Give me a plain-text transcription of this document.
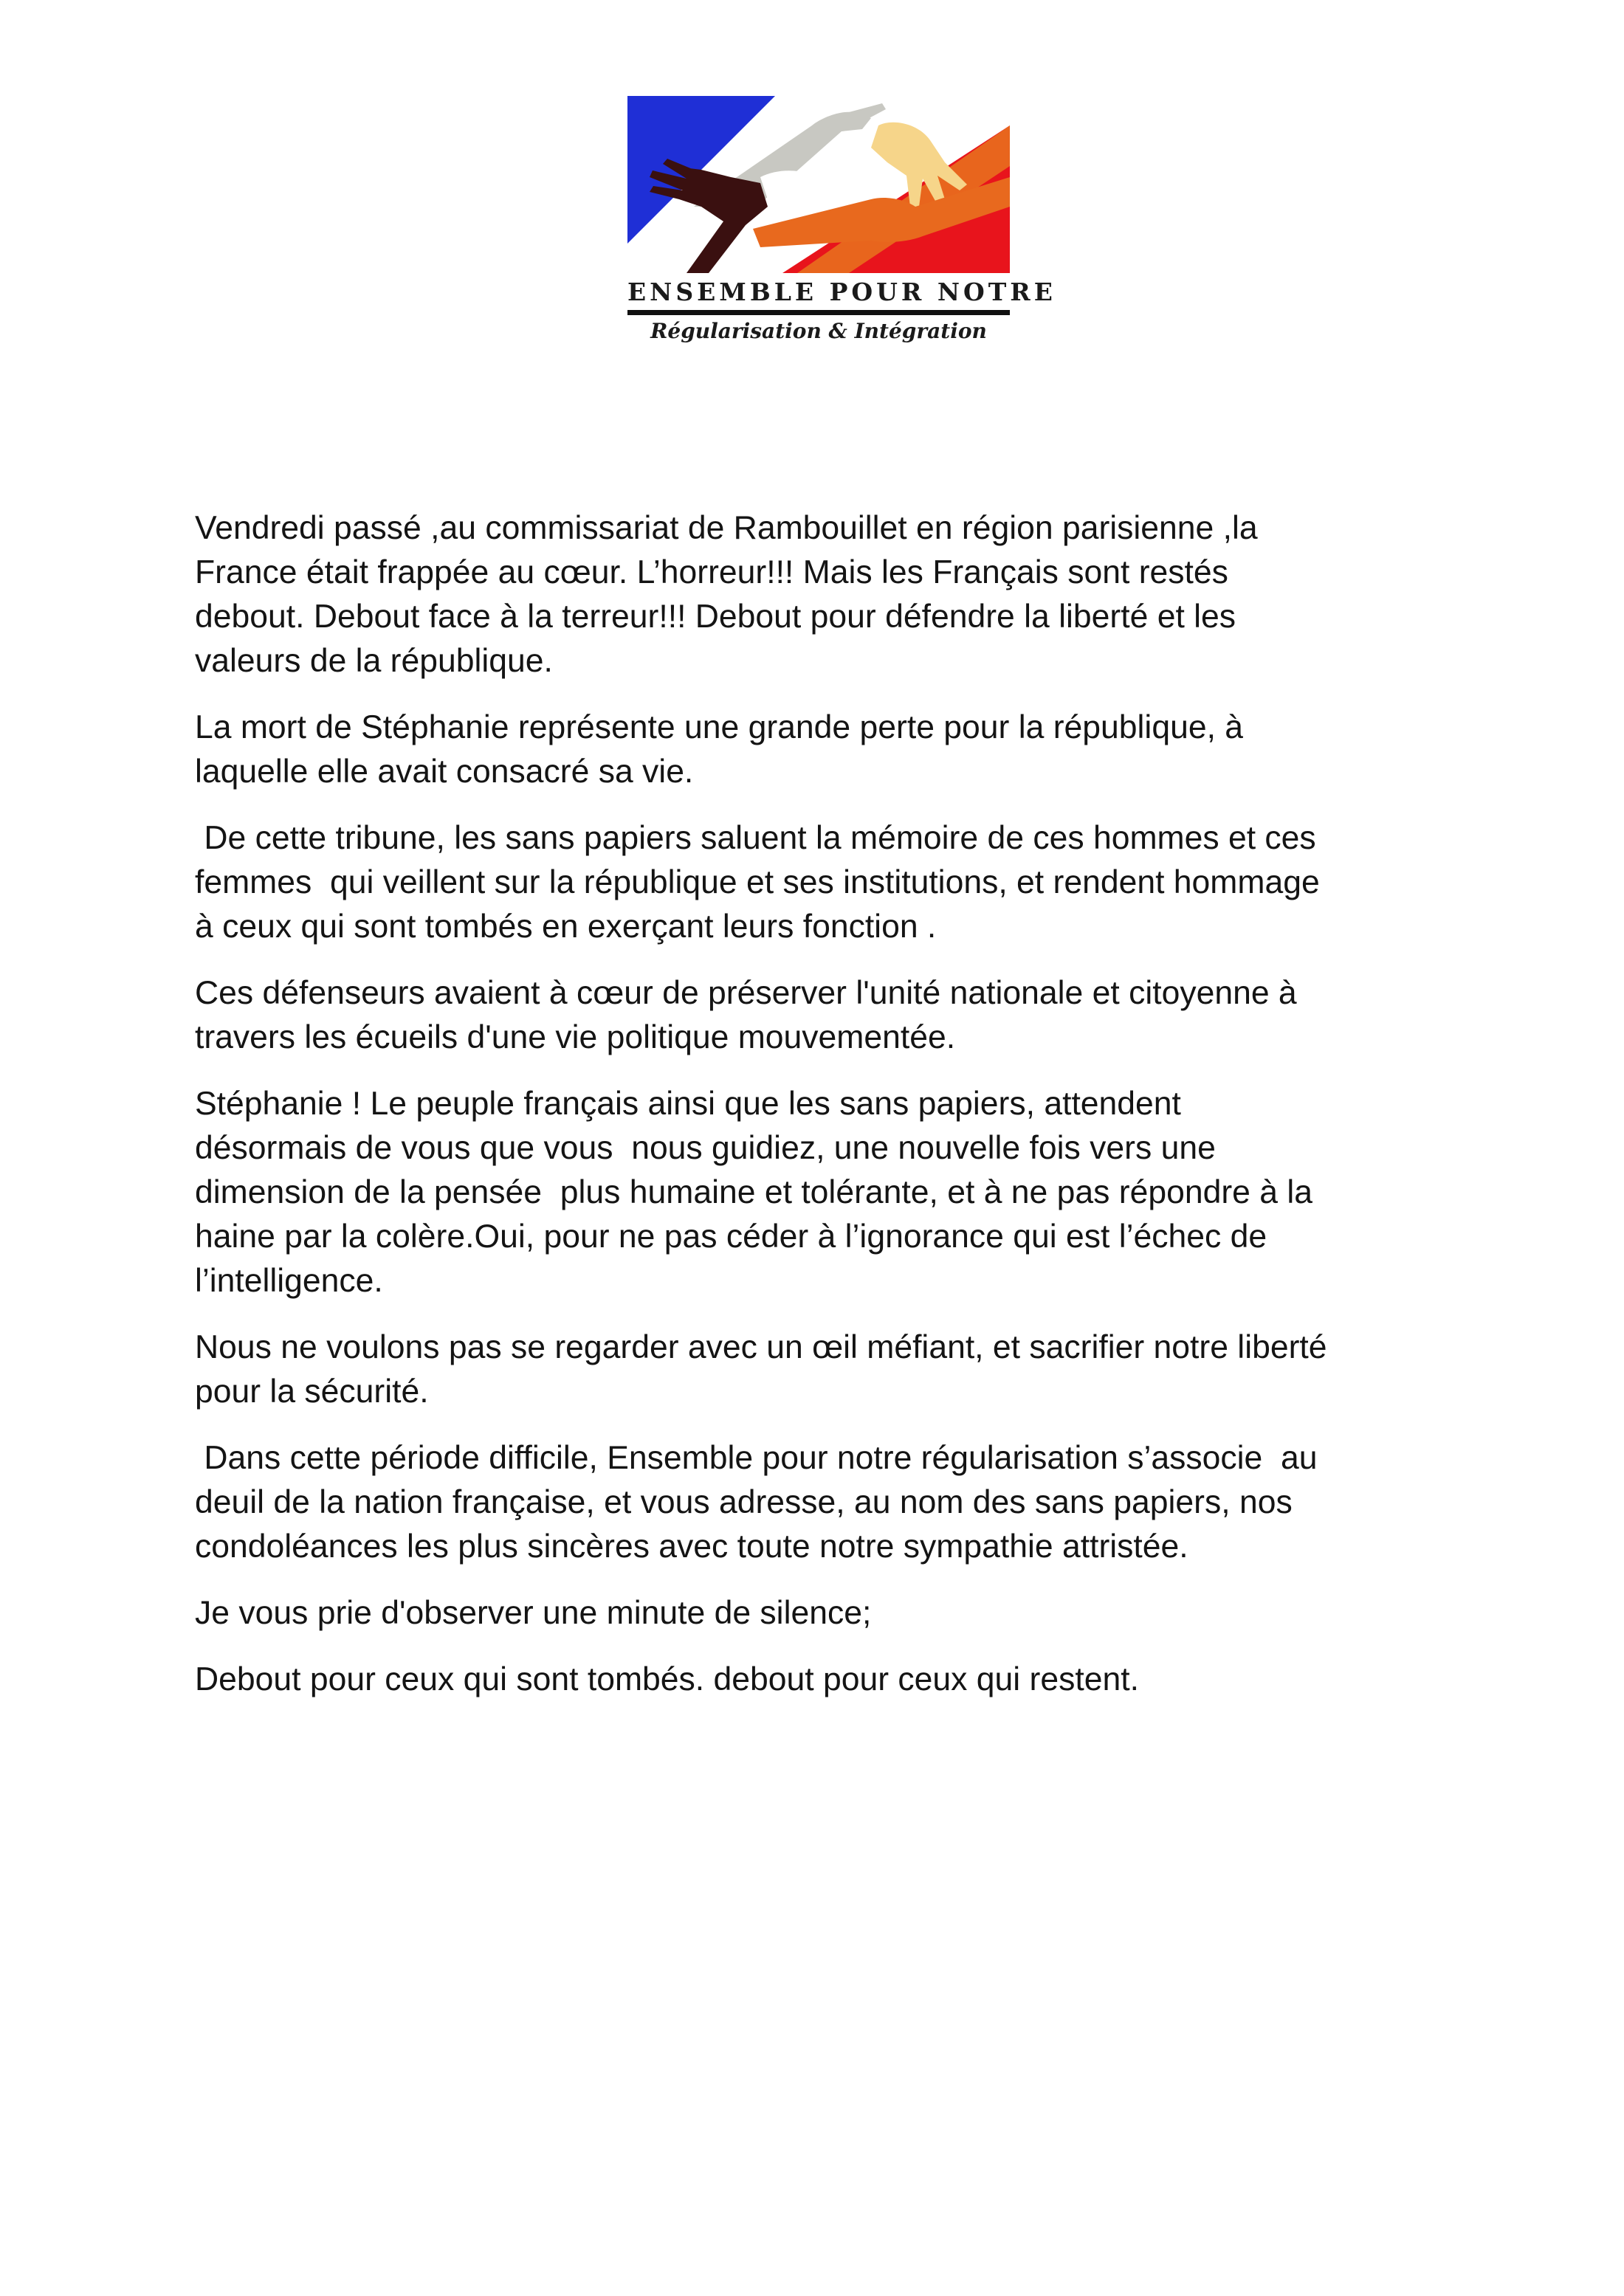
ENSEMBLE POUR NOTRE
Régularisation & Intégration

Vendredi passé ,au commissariat de Rambouillet en région parisienne ,la
France était frappée au cœur. L’horreur!!! Mais les Français sont restés
debout. Debout face à la terreur!!! Debout pour défendre la liberté et les
valeurs de la république.

La mort de Stéphanie représente une grande perte pour la république, à
laquelle elle avait consacré sa vie.

De cette tribune, les sans papiers saluent la mémoire de ces hommes et ces
femmes  qui veillent sur la république et ses institutions, et rendent hommage
à ceux qui sont tombés en exerçant leurs fonction .

Ces défenseurs avaient à cœur de préserver l'unité nationale et citoyenne à
travers les écueils d'une vie politique mouvementée.

Stéphanie ! Le peuple français ainsi que les sans papiers, attendent
désormais de vous que vous  nous guidiez, une nouvelle fois vers une
dimension de la pensée  plus humaine et tolérante, et à ne pas répondre à la
haine par la colère.Oui, pour ne pas céder à l’ignorance qui est l’échec de
l’intelligence.

Nous ne voulons pas se regarder avec un œil méfiant, et sacrifier notre liberté
pour la sécurité.

Dans cette période difficile, Ensemble pour notre régularisation s’associe  au
deuil de la nation française, et vous adresse, au nom des sans papiers, nos
condoléances les plus sincères avec toute notre sympathie attristée.

Je vous prie d'observer une minute de silence;

Debout pour ceux qui sont tombés. debout pour ceux qui restent.
